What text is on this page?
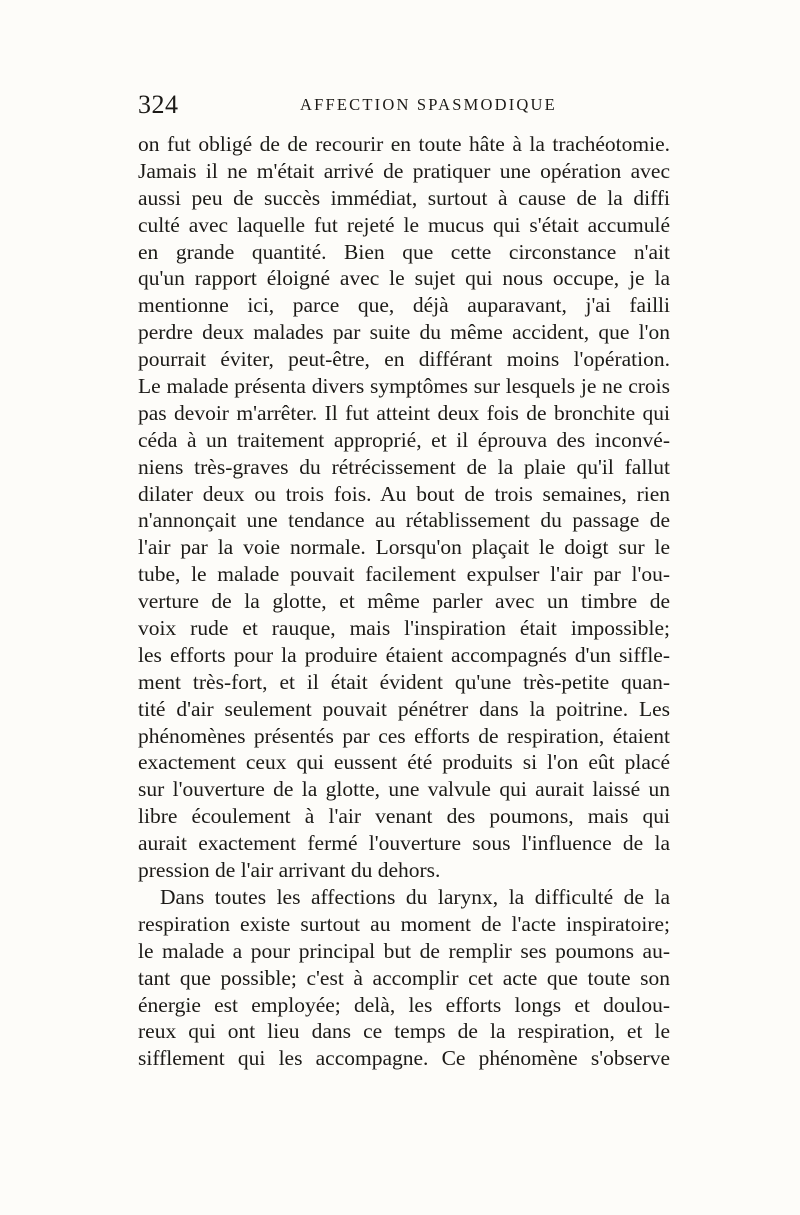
324	AFFECTION SPASMODIQUE
on fut obligé de de recourir en toute hâte à la trachéotomie.
Jamais il ne m'était arrivé de pratiquer une opération avec
aussi peu de succès immédiat, surtout à cause de la diffi
culté avec laquelle fut rejeté le mucus qui s'était accumulé
en grande quantité. Bien que cette circonstance n'ait
qu'un rapport éloigné avec le sujet qui nous occupe, je la
mentionne ici, parce que, déjà auparavant, j'ai failli
perdre deux malades par suite du même accident, que l'on
pourrait éviter, peut-être, en différant moins l'opération.
Le malade présenta divers symptômes sur lesquels je ne crois
pas devoir m'arrêter. Il fut atteint deux fois de bronchite qui
céda à un traitement approprié, et il éprouva des inconvé-
niens très-graves du rétrécissement de la plaie qu'il fallut
dilater deux ou trois fois. Au bout de trois semaines, rien
n'annonçait une tendance au rétablissement du passage de
l'air par la voie normale. Lorsqu'on plaçait le doigt sur le
tube, le malade pouvait facilement expulser l'air par l'ou-
verture de la glotte, et même parler avec un timbre de
voix rude et rauque, mais l'inspiration était impossible;
les efforts pour la produire étaient accompagnés d'un siffle-
ment très-fort, et il était évident qu'une très-petite quan-
tité d'air seulement pouvait pénétrer dans la poitrine. Les
phénomènes présentés par ces efforts de respiration, étaient
exactement ceux qui eussent été produits si l'on eût placé
sur l'ouverture de la glotte, une valvule qui aurait laissé un
libre écoulement à l'air venant des poumons, mais qui
aurait exactement fermé l'ouverture sous l'influence de la
pression de l'air arrivant du dehors.
Dans toutes les affections du larynx, la difficulté de la
respiration existe surtout au moment de l'acte inspiratoire;
le malade a pour principal but de remplir ses poumons au-
tant que possible; c'est à accomplir cet acte que toute son
énergie est employée; delà, les efforts longs et doulou-
reux qui ont lieu dans ce temps de la respiration, et le
sifflement qui les accompagne. Ce phénomène s'observe
